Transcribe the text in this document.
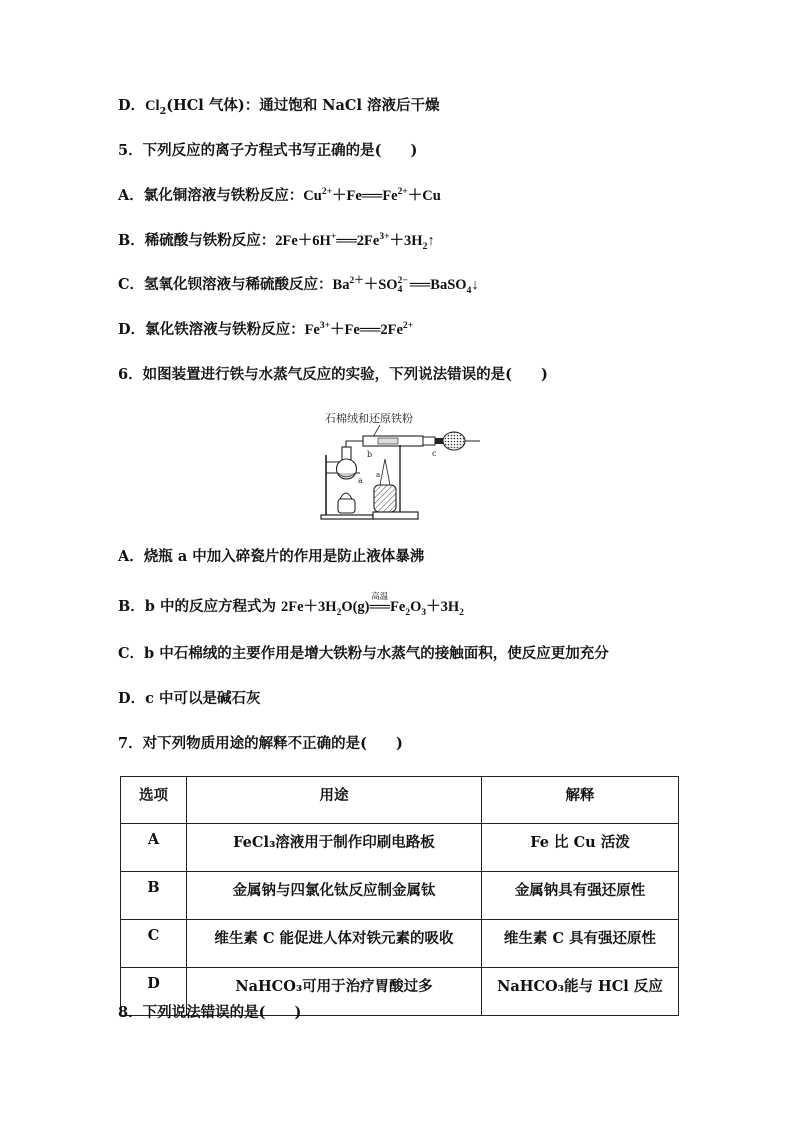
D．$Cl_2(HCl$ 气体)：通过饱和 NaCl 溶液后干燥
5．下列反应的离子方程式书写正确的是(　　)
A．氯化铜溶液与铁粉反应：$Cu^{2+}+Fe══Fe^{2+}+Cu$
B．稀硫酸与铁粉反应：$2Fe+6H^+══2Fe^{3+}+3H_2↑$
C．氢氧化钡溶液与稀硫酸反应：$Ba^{2+}+SO$ 2−
4 ══BaSO$_4$↓
D．氯化铁溶液与铁粉反应：$Fe^{3+}+Fe══2Fe^{2+}$
6．如图装置进行铁与水蒸气反应的实验，下列说法错误的是(　　)
石棉绒和还原铁粉
a
b
a
c
A．烧瓶 a 中加入碎瓷片的作用是防止液体暴沸
B．b 中的反应方程式为 $2Fe+3H_2O(g)$
高温
$══Fe_2O_3+3H_2$
C．b 中石棉绒的主要作用是增大铁粉与水蒸气的接触面积，使反应更加充分
D．c 中可以是碱石灰
7．对下列物质用途的解释不正确的是(　　)
选项	用途	解释
A	FeCl₃溶液用于制作印刷电路板	Fe 比 Cu 活泼
B	金属钠与四氯化钛反应制金属钛	金属钠具有强还原性
C	维生素 C 能促进人体对铁元素的吸收	维生素 C 具有强还原性
D	NaHCO₃可用于治疗胃酸过多	NaHCO₃能与 HCl 反应
8．下列说法错误的是(　　)
